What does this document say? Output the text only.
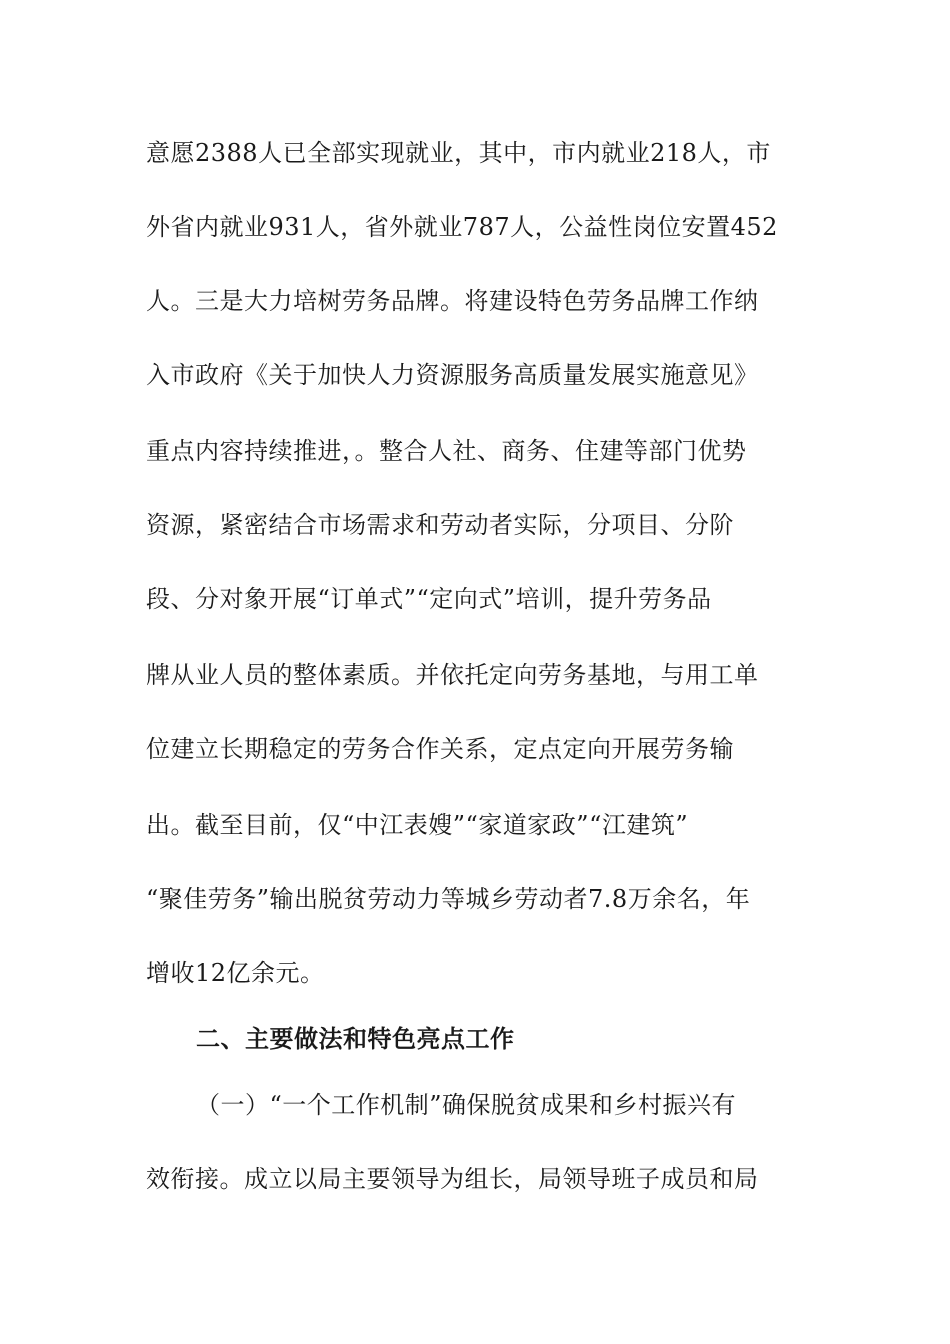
意愿2388人已全部实现就业，其中，市内就业218人，市
外省内就业931人，省外就业787人，公益性岗位安置452
人。三是大力培树劳务品牌。将建设特色劳务品牌工作纳
入市政府《关于加快人力资源服务高质量发展实施意见》
重点内容持续推进，。整合人社、商务、住建等部门优势
资源，紧密结合市场需求和劳动者实际，分项目、分阶
段、分对象开展“订单式”“定向式”培训，提升劳务品
牌从业人员的整体素质。并依托定向劳务基地，与用工单
位建立长期稳定的劳务合作关系，定点定向开展劳务输
出。截至目前，仅“中江表嫂”“家道家政”“江建筑”
“聚佳劳务”输出脱贫劳动力等城乡劳动者7.8万余名，年
增收12亿余元。
二、主要做法和特色亮点工作
（一）“一个工作机制”确保脱贫成果和乡村振兴有
效衔接。成立以局主要领导为组长，局领导班子成员和局
